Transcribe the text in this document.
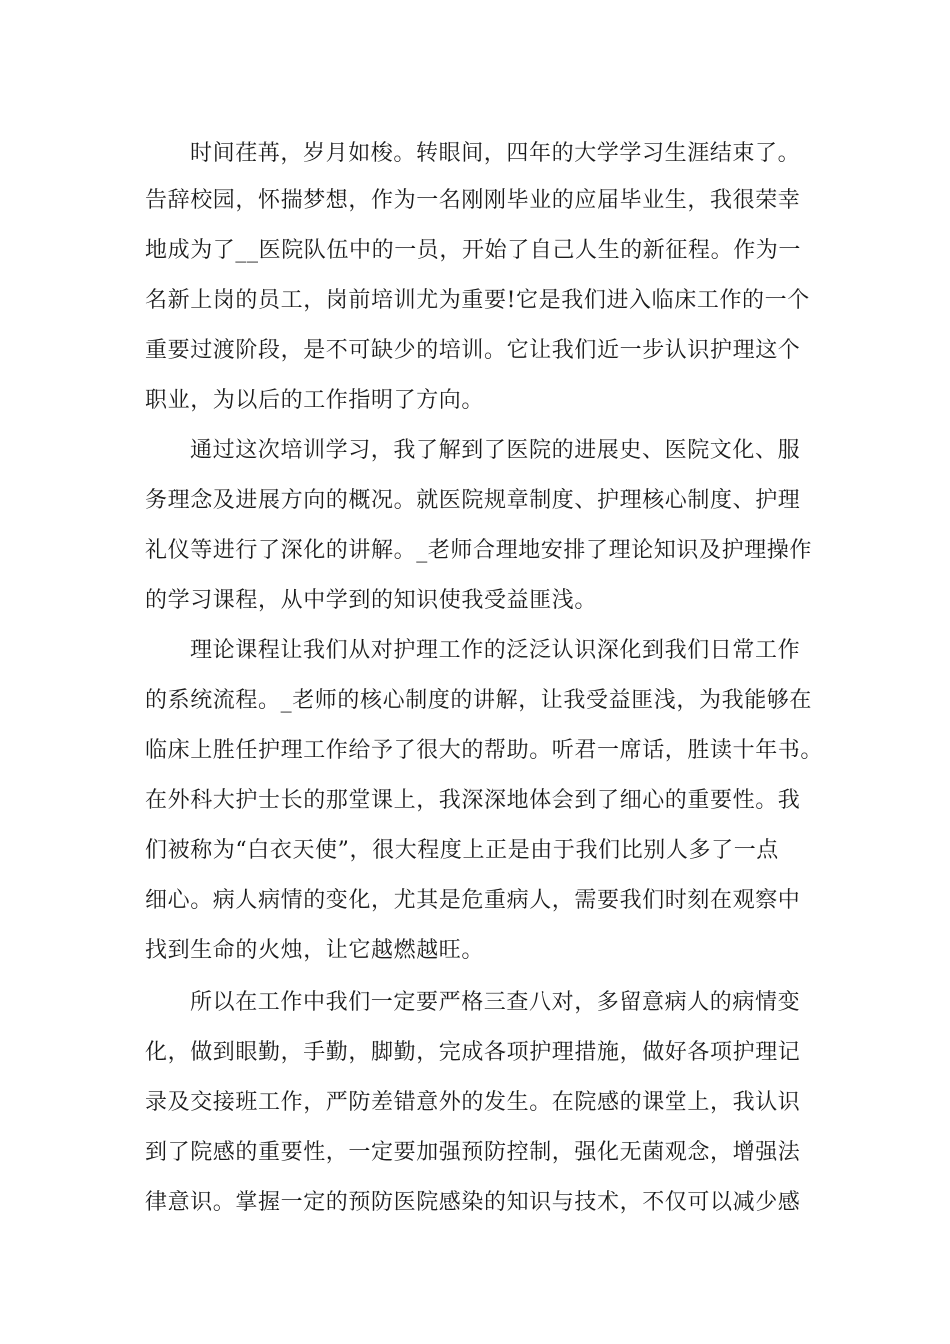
时间荏苒，岁月如梭。转眼间，四年的大学学习生涯结束了。
告辞校园，怀揣梦想，作为一名刚刚毕业的应届毕业生，我很荣幸
地成为了__医院队伍中的一员，开始了自己人生的新征程。作为一
名新上岗的员工，岗前培训尤为重要!它是我们进入临床工作的一个
重要过渡阶段，是不可缺少的培训。它让我们近一步认识护理这个
职业，为以后的工作指明了方向。
通过这次培训学习，我了解到了医院的进展史、医院文化、服
务理念及进展方向的概况。就医院规章制度、护理核心制度、护理
礼仪等进行了深化的讲解。_老师合理地安排了理论知识及护理操作
的学习课程，从中学到的知识使我受益匪浅。
理论课程让我们从对护理工作的泛泛认识深化到我们日常工作
的系统流程。_老师的核心制度的讲解，让我受益匪浅，为我能够在
临床上胜任护理工作给予了很大的帮助。听君一席话，胜读十年书。
在外科大护士长的那堂课上，我深深地体会到了细心的重要性。我
们被称为“白衣天使”，很大程度上正是由于我们比别人多了一点
细心。病人病情的变化，尤其是危重病人，需要我们时刻在观察中
找到生命的火烛，让它越燃越旺。
所以在工作中我们一定要严格三查八对，多留意病人的病情变
化，做到眼勤，手勤，脚勤，完成各项护理措施，做好各项护理记
录及交接班工作，严防差错意外的发生。在院感的课堂上，我认识
到了院感的重要性，一定要加强预防控制，强化无菌观念，增强法
律意识。掌握一定的预防医院感染的知识与技术，不仅可以减少感
